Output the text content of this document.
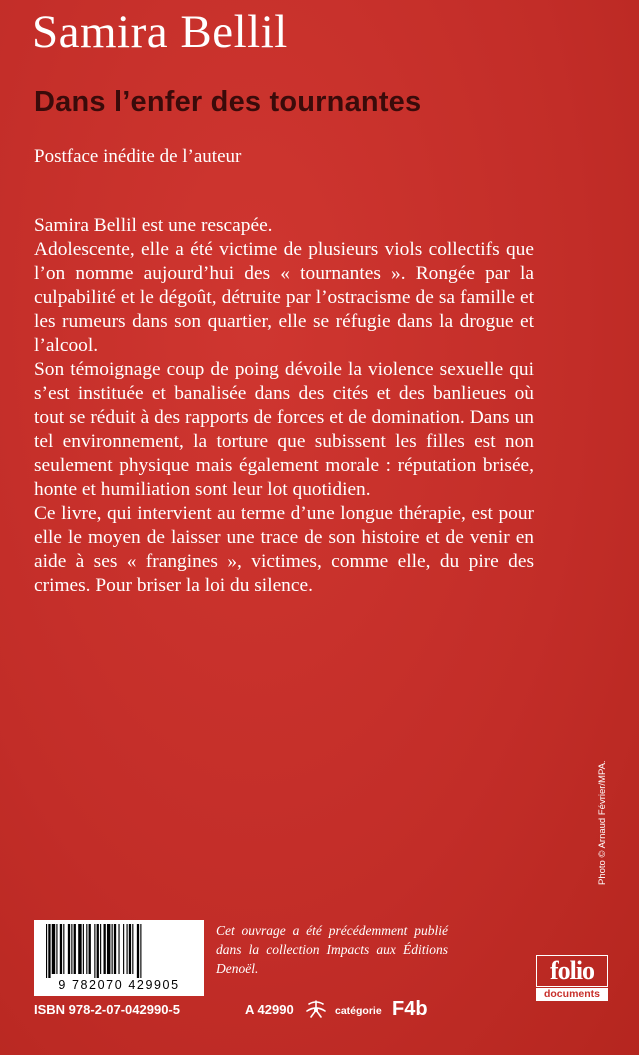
Samira Bellil
Dans l’enfer des tournantes
Postface inédite de l’auteur

Samira Bellil est une rescapée.

Adolescente, elle a été victime de plusieurs viols collectifs que l’on nomme aujourd’hui des « tournantes ». Rongée par la culpabilité et le dégoût, détruite par l’ostracisme de sa famille et les rumeurs dans son quartier, elle se réfugie dans la drogue et l’alcool.

Son témoignage coup de poing dévoile la violence sexuelle qui s’est instituée et banalisée dans des cités et des banlieues où tout se réduit à des rapports de forces et de domination. Dans un tel environnement, la torture que subissent les filles est non seulement physique mais également morale : réputation brisée, honte et humiliation sont leur lot quotidien.

Ce livre, qui intervient au terme d’une longue thérapie, est pour elle le moyen de laisser une trace de son histoire et de venir en aide à ses « frangines », victimes, comme elle, du pire des crimes. Pour briser la loi du silence.

Photo © Arnaud Février/MPA.
9 782070 429905

Cet ouvrage a été précédemment publié dans la collection Impacts aux Éditions Denoël.

ISBN 978-2-07-042990-5	A 42990	catégorie F4b
folio
documents
